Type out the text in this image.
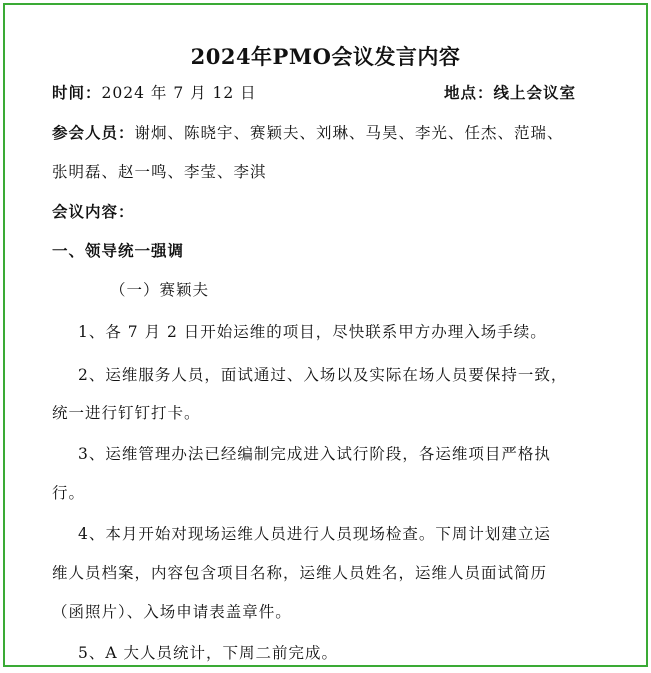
2024年PMO会议发言内容
时间：2024 年 7 月 12 日	地点：线上会议室
参会人员：谢炯、陈晓宇、赛颖夫、刘琳、马昊、李光、任杰、范瑞、
张明磊、赵一鸣、李莹、李淇
会议内容：
一、领导统一强调
（一）赛颖夫
1、各 7 月 2 日开始运维的项目，尽快联系甲方办理入场手续。
2、运维服务人员，面试通过、入场以及实际在场人员要保持一致，
统一进行钉钉打卡。
3、运维管理办法已经编制完成进入试行阶段，各运维项目严格执
行。
4、本月开始对现场运维人员进行人员现场检查。下周计划建立运
维人员档案，内容包含项目名称，运维人员姓名，运维人员面试简历
（函照片）、入场申请表盖章件。
5、A 大人员统计，下周二前完成。
